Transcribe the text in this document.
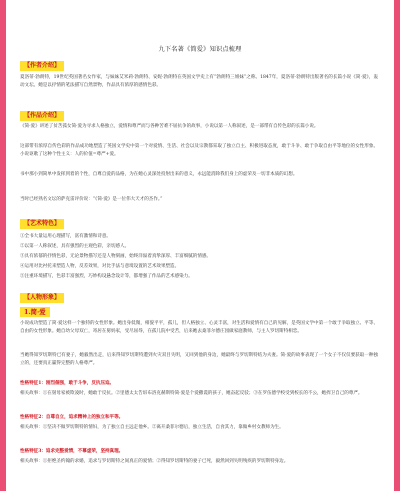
九下名著《简爱》知识点梳理
【作者介绍】

夏洛蒂·勃朗特，19世纪英国著名女作家，与妹妹艾米莉·勃朗特、安妮·勃朗特在英国文学史上有“勃朗特三姐妹”之称。1847年，夏洛蒂·勃朗特出版著名的长篇小说《简·爱》，轰动文坛。她是以抒情的笔法描写自然景物，作品具有浓厚的感情色彩。

【作品介绍】

《简·爱》讲述了贫苦孤女简·爱为寻求人格独立，爱情和尊严而与各种苦难不屈抗争的故事，小说以第一人称叙述，是一部带有自传色彩的长篇小说。

这部带有浓厚自传色彩的作品成功地塑造了英国文学史中第一个对爱情、生活、社会以及宗教都采取了独立自主、积极进取态度，敢于斗争、敢于争取自由平等地位的女性形象。小说讴歌了这种个性主义：人的价值=尊严+爱。

书中那小到简单中发挥到着的个性，自尊自爱的品格，为在她心灵深处投射出来的意义，永远能消除我们身上的虚荣及一切非本质的幻想。

当时已经熟名文坛的萨克雷评价说：“《简·爱》是一位伟大天才的杰作。”

【艺术特色】

①全书大量运用心理描写，富有激情和诗意。

②以第一人称叙述，具有强烈的主观色彩，亲切感人。

③具有浓郁的抒情色彩，无论景物描写还是人物刻画，始终洋溢着真挚深厚、丰富细腻的情感。

④运用对比衬托来塑造人物，反差效果，对比手法与意境设置的艺术效果塑造。

⑤注重环境描写，色彩丰富强烈，巧妙构设悬念设计等，都增强了作品的艺术感染力。

【人物形象】
1.简·爱

小说成功塑造了简·爱这样一个独特的女性形象。她出身低微，相貌平平，孤儿，但人格独立、心灵丰富，对生活和爱情有自己的见解，是英国文学中第一个敢于争取独立、平等、自由的女性形象。她自幼父母双亡，寄居在舅妈家，受尽屈辱，在孤儿院中受苦，后来她去桑菲尔德庄园做家庭教师，与主人罗切斯特相恋。

当她得知罗切斯特已有妻子，她毅然出走，后来得知罗切斯特遭到火灾双目失明，又回到他的身边，她最终与罗切斯特结为夫妻。简·爱的故事表现了一个女子不仅仅要获取一种独立的，还要真正赢得完整的人格尊严。

性格特征1：刚烈倔强，敢于斗争，反抗压迫。

相关故事：①在舅母家被欺凌时，她敢于反抗。②里德太太告诉布洛克赫斯特简·爱是个爱撒谎的孩子，她奋起反驳；③在罗伍德学校受到校长的不公，她捍卫自己的尊严。

性格特征2：自尊自立，追求精神上的独立和平等。

相关故事：①坚决不做罗切斯特的情妇，为了独立自主远走他乡。②离开桑菲尔德后，独立生活，自食其力，靠做乡村女教师为生。

性格特征3：追求完整爱情，不慕虚荣，坚持真理。

相关故事：①拒绝圣约翰的求婚，追求与罗切斯特之间真正的爱情；②得知罗切斯特的妻子已死，毅然回到失明残疾的罗切斯特身边。
